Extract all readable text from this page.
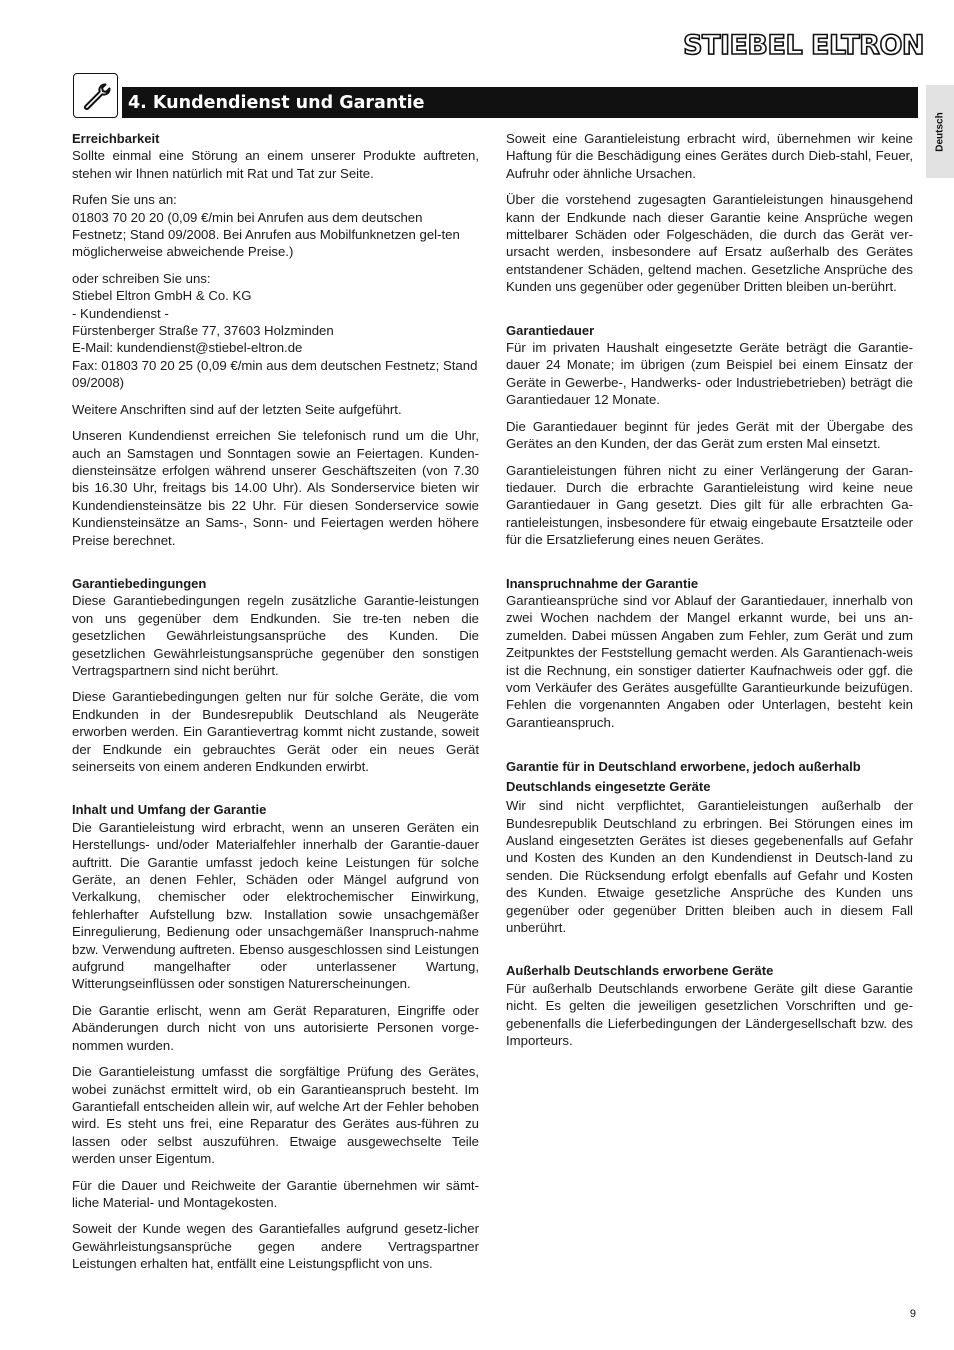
STIEBEL ELTRON
4. Kundendienst und Garantie
Deutsch
Erreichbarkeit

Sollte einmal eine Störung an einem unserer Produkte auftreten, stehen wir Ihnen natürlich mit Rat und Tat zur Seite.

Rufen Sie uns an:
01803 70 20 20 (0,09 €/min bei Anrufen aus dem deutschen Festnetz; Stand 09/2008. Bei Anrufen aus Mobilfunknetzen gel-ten möglicherweise abweichende Preise.)

oder schreiben Sie uns:
Stiebel Eltron GmbH & Co. KG
- Kundendienst -
Fürstenberger Straße 77, 37603 Holzminden
E-Mail: kundendienst@stiebel-eltron.de
Fax: 01803 70 20 25 (0,09 €/min aus dem deutschen Festnetz; Stand 09/2008)

Weitere Anschriften sind auf der letzten Seite aufgeführt.

Unseren Kundendienst erreichen Sie telefonisch rund um die Uhr, auch an Samstagen und Sonntagen sowie an Feiertagen. Kunden-diensteinsätze erfolgen während unserer Geschäftszeiten (von 7.30 bis 16.30 Uhr, freitags bis 14.00 Uhr). Als Sonderservice bieten wir Kundendiensteinsätze bis 22 Uhr. Für diesen Sonderservice sowie Kundiensteinsätze an Sams-, Sonn- und Feiertagen werden höhere Preise berechnet.

Garantiebedingungen

Diese Garantiebedingungen regeln zusätzliche Garantie-leistungen von uns gegenüber dem Endkunden. Sie tre-ten neben die gesetzlichen Gewährleistungsansprüche des Kunden. Die gesetzlichen Gewährleistungsansprüche gegenüber den sonstigen Vertragspartnern sind nicht berührt.

Diese Garantiebedingungen gelten nur für solche Geräte, die vom Endkunden in der Bundesrepublik Deutschland als Neugeräte erworben werden. Ein Garantievertrag kommt nicht zustande, soweit der Endkunde ein gebrauchtes Gerät oder ein neues Gerät seinerseits von einem anderen Endkunden erwirbt.

Inhalt und Umfang der Garantie

Die Garantieleistung wird erbracht, wenn an unseren Geräten ein Herstellungs- und/oder Materialfehler innerhalb der Garantie-dauer auftritt. Die Garantie umfasst jedoch keine Leistungen für solche Geräte, an denen Fehler, Schäden oder Mängel aufgrund von Verkalkung, chemischer oder elektrochemischer Einwirkung, fehlerhafter Aufstellung bzw. Installation sowie unsachgemäßer Einregulierung, Bedienung oder unsachgemäßer Inanspruch-nahme bzw. Verwendung auftreten. Ebenso ausgeschlossen sind Leistungen aufgrund mangelhafter oder unterlassener Wartung, Witterungseinflüssen oder sonstigen Naturerscheinungen.

Die Garantie erlischt, wenn am Gerät Reparaturen, Eingriffe oder Abänderungen durch nicht von uns autorisierte Personen vorge-nommen wurden.

Die Garantieleistung umfasst die sorgfältige Prüfung des Gerätes, wobei zunächst ermittelt wird, ob ein Garantieanspruch besteht. Im Garantiefall entscheiden allein wir, auf welche Art der Fehler behoben wird. Es steht uns frei, eine Reparatur des Gerätes aus-führen zu lassen oder selbst auszuführen. Etwaige ausgewechselte Teile werden unser Eigentum.

Für die Dauer und Reichweite der Garantie übernehmen wir sämt-liche Material- und Montagekosten.

Soweit der Kunde wegen des Garantiefalles aufgrund gesetz-licher Gewährleistungsansprüche gegen andere Vertragspartner Leistungen erhalten hat, entfällt eine Leistungspflicht von uns.

Soweit eine Garantieleistung erbracht wird, übernehmen wir keine Haftung für die Beschädigung eines Gerätes durch Dieb-stahl, Feuer, Aufruhr oder ähnliche Ursachen.

Über die vorstehend zugesagten Garantieleistungen hinausgehend kann der Endkunde nach dieser Garantie keine Ansprüche wegen mittelbarer Schäden oder Folgeschäden, die durch das Gerät ver-ursacht werden, insbesondere auf Ersatz außerhalb des Gerätes entstandener Schäden, geltend machen. Gesetzliche Ansprüche des Kunden uns gegenüber oder gegenüber Dritten bleiben un-berührt.

Garantiedauer

Für im privaten Haushalt eingesetzte Geräte beträgt die Garantie-dauer 24 Monate; im übrigen (zum Beispiel bei einem Einsatz der Geräte in Gewerbe-, Handwerks- oder Industriebetrieben) beträgt die Garantiedauer 12 Monate.

Die Garantiedauer beginnt für jedes Gerät mit der Übergabe des Gerätes an den Kunden, der das Gerät zum ersten Mal einsetzt.

Garantieleistungen führen nicht zu einer Verlängerung der Garan-tiedauer. Durch die erbrachte Garantieleistung wird keine neue Garantiedauer in Gang gesetzt. Dies gilt für alle erbrachten Ga-rantieleistungen, insbesondere für etwaig eingebaute Ersatzteile oder für die Ersatzlieferung eines neuen Gerätes.

Inanspruchnahme der Garantie

Garantieansprüche sind vor Ablauf der Garantiedauer, innerhalb von zwei Wochen nachdem der Mangel erkannt wurde, bei uns an-zumelden. Dabei müssen Angaben zum Fehler, zum Gerät und zum Zeitpunktes der Feststellung gemacht werden. Als Garantienach-weis ist die Rechnung, ein sonstiger datierter Kaufnachweis oder ggf. die vom Verkäufer des Gerätes ausgefüllte Garantieurkunde beizufügen. Fehlen die vorgenannten Angaben oder Unterlagen, besteht kein Garantieanspruch.

Garantie für in Deutschland erworbene, jedoch außerhalb
Deutschlands eingesetzte Geräte

Wir sind nicht verpflichtet, Garantieleistungen außerhalb der Bundesrepublik Deutschland zu erbringen. Bei Störungen eines im Ausland eingesetzten Gerätes ist dieses gegebenenfalls auf Gefahr und Kosten des Kunden an den Kundendienst in Deutsch-land zu senden. Die Rücksendung erfolgt ebenfalls auf Gefahr und Kosten des Kunden. Etwaige gesetzliche Ansprüche des Kunden uns gegenüber oder gegenüber Dritten bleiben auch in diesem Fall unberührt.

Außerhalb Deutschlands erworbene Geräte

Für außerhalb Deutschlands erworbene Geräte gilt diese Garantie nicht. Es gelten die jeweiligen gesetzlichen Vorschriften und ge-gebenenfalls die Lieferbedingungen der Ländergesellschaft bzw. des Importeurs.

9
